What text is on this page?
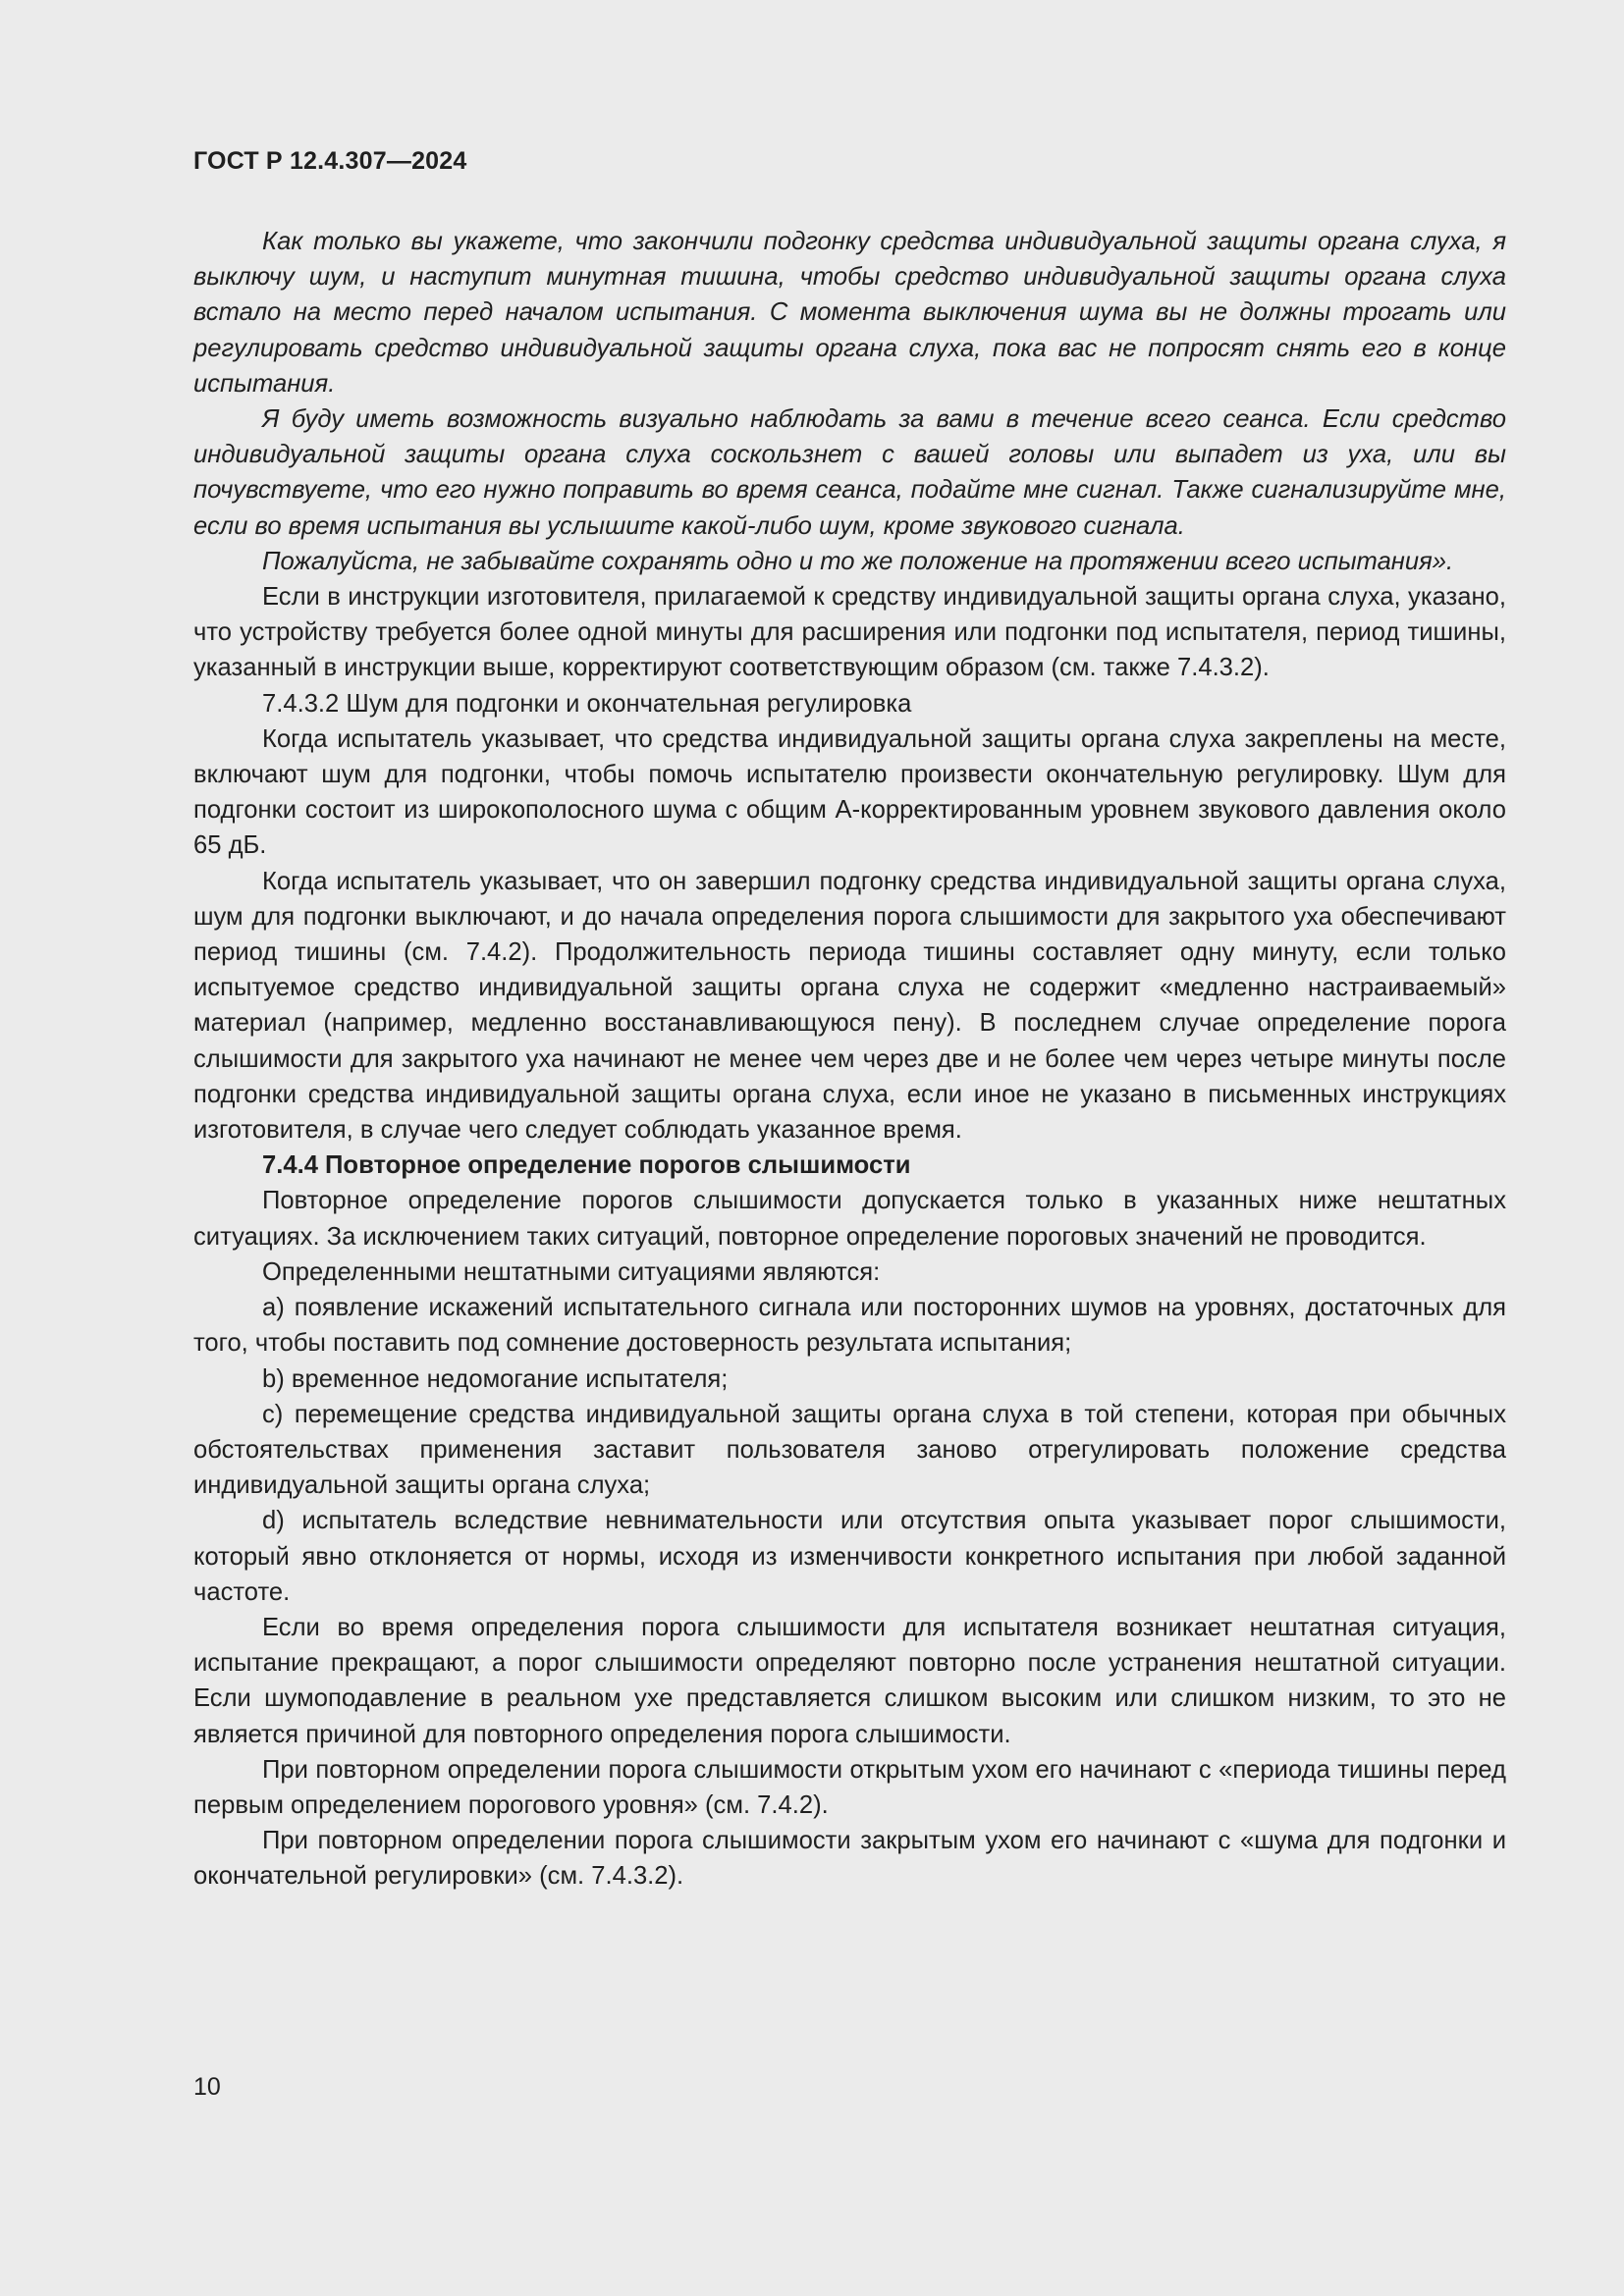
ГОСТ Р 12.4.307—2024

Как только вы укажете, что закончили подгонку средства индивидуальной защиты органа слуха, я выключу шум, и наступит минутная тишина, чтобы средство индивидуальной защиты органа слуха встало на место перед началом испытания. С момента выключения шума вы не должны трогать или регулировать средство индивидуальной защиты органа слуха, пока вас не попросят снять его в конце испытания.

Я буду иметь возможность визуально наблюдать за вами в течение всего сеанса. Если средство индивидуальной защиты органа слуха соскользнет с вашей головы или выпадет из уха, или вы почувствуете, что его нужно поправить во время сеанса, подайте мне сигнал. Также сигнализируйте мне, если во время испытания вы услышите какой-либо шум, кроме звукового сигнала.

Пожалуйста, не забывайте сохранять одно и то же положение на протяжении всего испытания».

Если в инструкции изготовителя, прилагаемой к средству индивидуальной защиты органа слуха, указано, что устройству требуется более одной минуты для расширения или подгонки под испытателя, период тишины, указанный в инструкции выше, корректируют соответствующим образом (см. также 7.4.3.2).

7.4.3.2 Шум для подгонки и окончательная регулировка

Когда испытатель указывает, что средства индивидуальной защиты органа слуха закреплены на месте, включают шум для подгонки, чтобы помочь испытателю произвести окончательную регулировку. Шум для подгонки состоит из широкополосного шума с общим А-корректированным уровнем звукового давления около 65 дБ.

Когда испытатель указывает, что он завершил подгонку средства индивидуальной защиты органа слуха, шум для подгонки выключают, и до начала определения порога слышимости для закрытого уха обеспечивают период тишины (см. 7.4.2). Продолжительность периода тишины составляет одну минуту, если только испытуемое средство индивидуальной защиты органа слуха не содержит «медленно настраиваемый» материал (например, медленно восстанавливающуюся пену). В последнем случае определение порога слышимости для закрытого уха начинают не менее чем через две и не более чем через четыре минуты после подгонки средства индивидуальной защиты органа слуха, если иное не указано в письменных инструкциях изготовителя, в случае чего следует соблюдать указанное время.

7.4.4 Повторное определение порогов слышимости

Повторное определение порогов слышимости допускается только в указанных ниже нештатных ситуациях. За исключением таких ситуаций, повторное определение пороговых значений не проводится.

Определенными нештатными ситуациями являются:

a) появление искажений испытательного сигнала или посторонних шумов на уровнях, достаточных для того, чтобы поставить под сомнение достоверность результата испытания;

b) временное недомогание испытателя;

c) перемещение средства индивидуальной защиты органа слуха в той степени, которая при обычных обстоятельствах применения заставит пользователя заново отрегулировать положение средства индивидуальной защиты органа слуха;

d) испытатель вследствие невнимательности или отсутствия опыта указывает порог слышимости, который явно отклоняется от нормы, исходя из изменчивости конкретного испытания при любой заданной частоте.

Если во время определения порога слышимости для испытателя возникает нештатная ситуация, испытание прекращают, а порог слышимости определяют повторно после устранения нештатной ситуации. Если шумоподавление в реальном ухе представляется слишком высоким или слишком низким, то это не является причиной для повторного определения порога слышимости.

При повторном определении порога слышимости открытым ухом его начинают с «периода тишины перед первым определением порогового уровня» (см. 7.4.2).

При повторном определении порога слышимости закрытым ухом его начинают с «шума для подгонки и окончательной регулировки» (см. 7.4.3.2).

10
